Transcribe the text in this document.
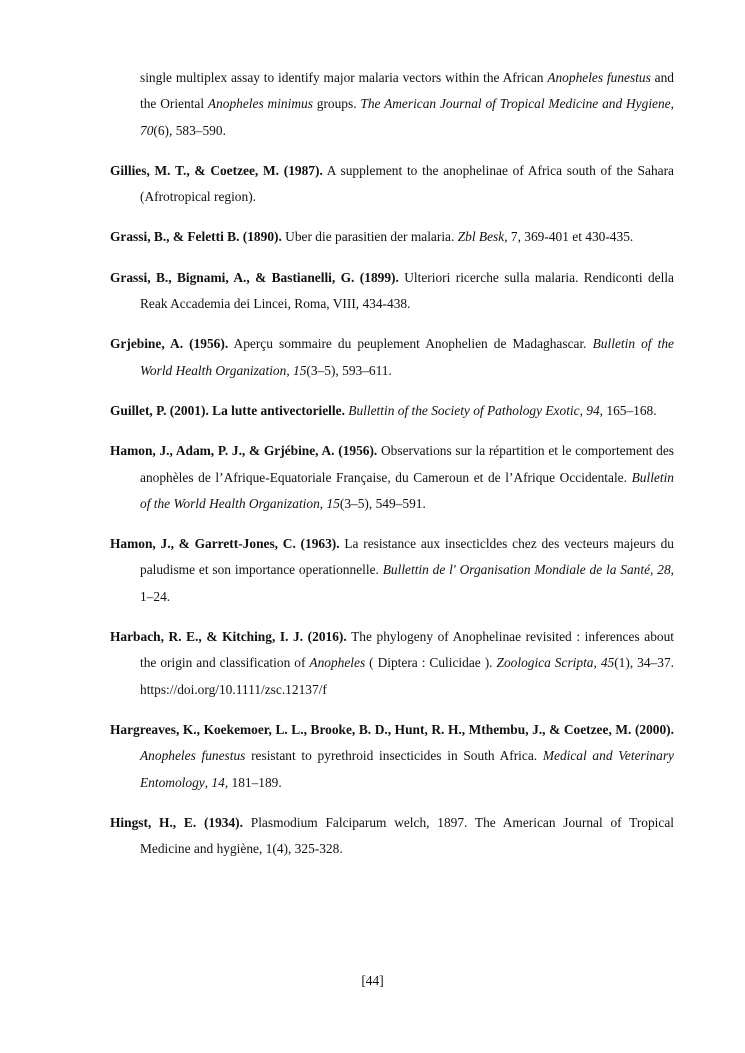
single multiplex assay to identify major malaria vectors within the African Anopheles funestus and the Oriental Anopheles minimus groups. The American Journal of Tropical Medicine and Hygiene, 70(6), 583–590.

Gillies, M. T., & Coetzee, M. (1987). A supplement to the anophelinae of Africa south of the Sahara (Afrotropical region).

Grassi, B., & Feletti B. (1890). Uber die parasitien der malaria. Zbl Besk, 7, 369-401 et 430-435.

Grassi, B., Bignami, A., & Bastianelli, G. (1899). Ulteriori ricerche sulla malaria. Rendiconti della Reak Accademia dei Lincei, Roma, VIII, 434-438.

Grjebine, A. (1956). Aperçu sommaire du peuplement Anophelien de Madaghascar. Bulletin of the World Health Organization, 15(3–5), 593–611.

Guillet, P. (2001). La lutte antivectorielle. Bullettin of the Society of Pathology Exotic, 94, 165–168.

Hamon, J., Adam, P. J., & Grjébine, A. (1956). Observations sur la répartition et le comportement des anophèles de l’Afrique-Equatoriale Française, du Cameroun et de l’Afrique Occidentale. Bulletin of the World Health Organization, 15(3–5), 549–591.

Hamon, J., & Garrett-Jones, C. (1963). La resistance aux insecticldes chez des vecteurs majeurs du paludisme et son importance operationnelle. Bullettin de l' Organisation Mondiale de la Santé, 28, 1–24.

Harbach, R. E., & Kitching, I. J. (2016). The phylogeny of Anophelinae revisited : inferences about the origin and classification of Anopheles ( Diptera : Culicidae ). Zoologica Scripta, 45(1), 34–37. https://doi.org/10.1111/zsc.12137/f

Hargreaves, K., Koekemoer, L. L., Brooke, B. D., Hunt, R. H., Mthembu, J., & Coetzee, M. (2000). Anopheles funestus resistant to pyrethroid insecticides in South Africa. Medical and Veterinary Entomology, 14, 181–189.

Hingst, H., E. (1934). Plasmodium Falciparum welch, 1897. The American Journal of Tropical Medicine and hygiène, 1(4), 325-328.

[44]
